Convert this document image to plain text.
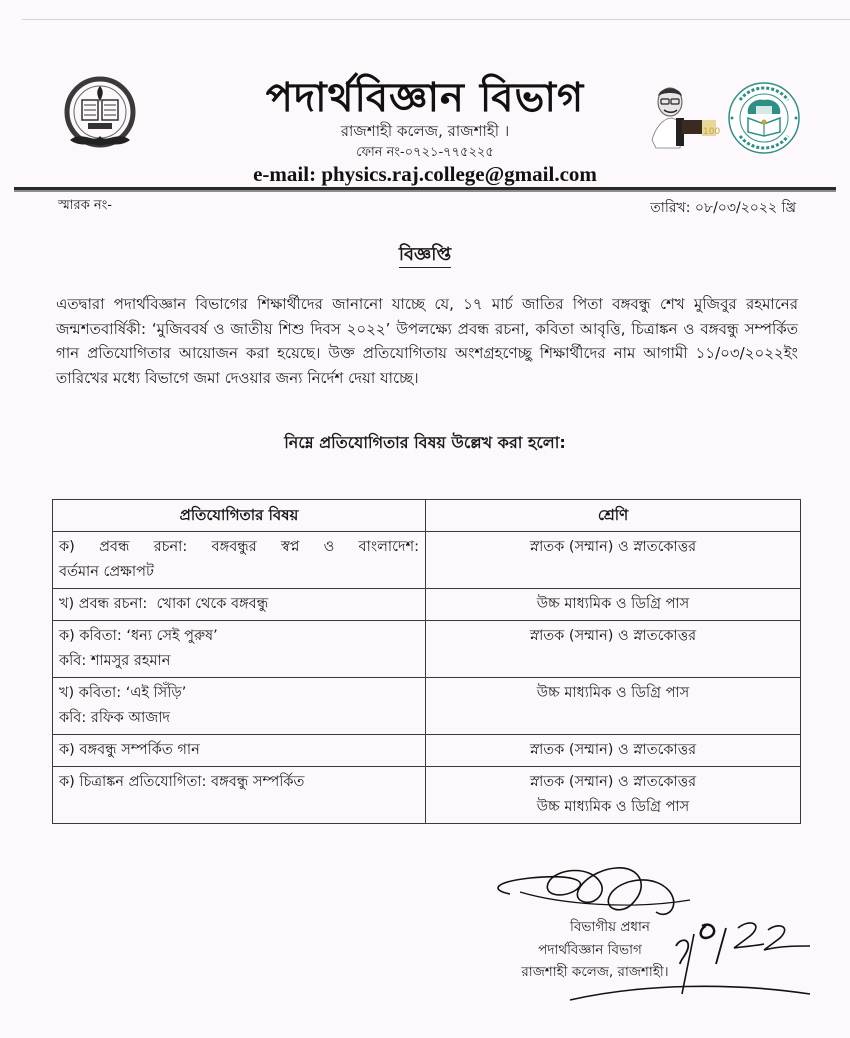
পদার্থবিজ্ঞান বিভাগ
রাজশাহী কলেজ, রাজশাহী ।
ফোন নং-০৭২১-৭৭৫২২৫
e-mail: physics.raj.college@gmail.com
100
স্মারক নং-	তারিখ: ০৮/০৩/২০২২ খ্রি
বিজ্ঞপ্তি
এতদ্বারা পদার্থবিজ্ঞান বিভাগের শিক্ষার্থীদের জানানো যাচ্ছে যে, ১৭ মার্চ জাতির পিতা বঙ্গবন্ধু শেখ মুজিবুর রহমানের জন্মশতবার্ষিকী: ‘মুজিববর্ষ ও জাতীয় শিশু দিবস ২০২২’ উপলক্ষ্যে প্রবন্ধ রচনা, কবিতা আবৃত্তি, চিত্রাঙ্কন ও বঙ্গবন্ধু সম্পর্কিত গান প্রতিযোগিতার আয়োজন করা হয়েছে। উক্ত প্রতিযোগিতায় অংশগ্রহণেচ্ছু শিক্ষার্থীদের নাম আগামী ১১/০৩/২০২২ইং তারিখের মধ্যে বিভাগে জমা দেওয়ার জন্য নির্দেশ দেয়া যাচ্ছে।
নিম্নে প্রতিযোগিতার বিষয় উল্লেখ করা হলো:
প্রতিযোগিতার বিষয়	শ্রেণি

ক) প্রবন্ধ রচনা: বঙ্গবন্ধুর স্বপ্ন ও বাংলাদেশ:
বর্তমান প্রেক্ষাপট	স্নাতক (সম্মান) ও স্নাতকোত্তর

খ) প্রবন্ধ রচনা:  খোকা থেকে বঙ্গবন্ধু	উচ্চ মাধ্যমিক ও ডিগ্রি পাস

ক) কবিতা: ‘ধন্য সেই পুরুষ’
কবি: শামসুর রহমান	স্নাতক (সম্মান) ও স্নাতকোত্তর

খ) কবিতা: ‘এই সিঁড়ি’
কবি: রফিক আজাদ	উচ্চ মাধ্যমিক ও ডিগ্রি পাস

ক) বঙ্গবন্ধু সম্পর্কিত গান	স্নাতক (সম্মান) ও স্নাতকোত্তর

ক) চিত্রাঙ্কন প্রতিযোগিতা: বঙ্গবন্ধু সম্পর্কিত	স্নাতক (সম্মান) ও স্নাতকোত্তর
উচ্চ মাধ্যমিক ও ডিগ্রি পাস
বিভাগীয় প্রধান
পদার্থবিজ্ঞান বিভাগ
রাজশাহী কলেজ, রাজশাহী।
